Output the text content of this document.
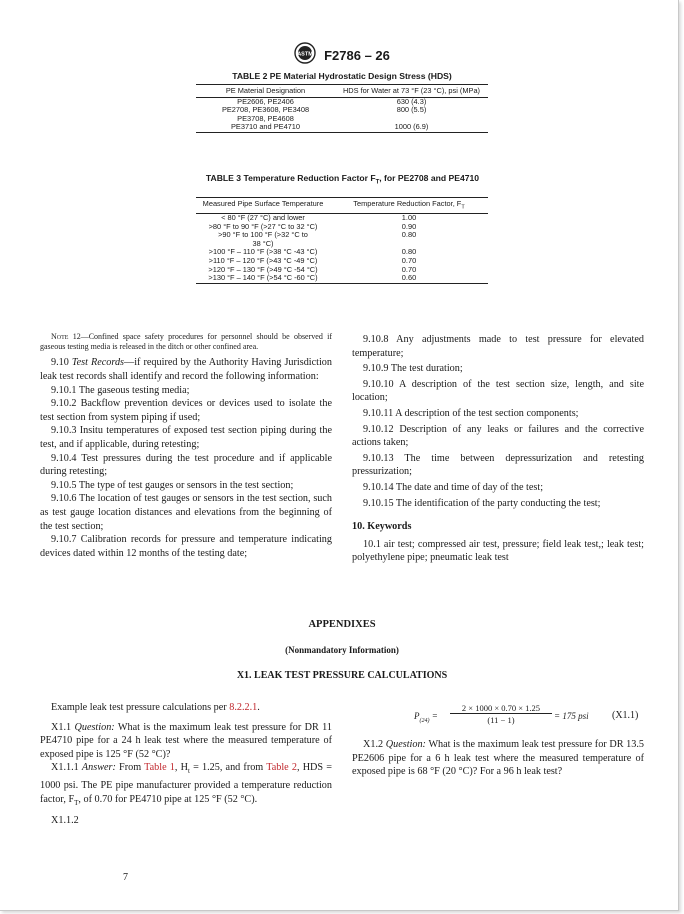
ASTM F2786 – 26
TABLE 2 PE Material Hydrostatic Design Stress (HDS)
PE Material Designation	HDS for Water at 73 °F (23 °C), psi (MPa)
PE2606, PE2406	630 (4.3)
PE2708, PE3608, PE3408	800 (5.5)
PE3708, PE4608	
PE3710 and PE4710	1000 (6.9)
TABLE 3 Temperature Reduction Factor $F_T$, for PE2708 and PE4710
Measured Pipe Surface Temperature	Temperature Reduction Factor, $F_T$
< 80 °F (27 °C) and lower	1.00
>80 °F to 90 °F (>27 °C to 32 °C)	0.90
>90 °F to 100 °F (>32 °C to 38 °C)	0.80
>100 °F – 110 °F (>38 °C -43 °C)	0.80
>110 °F – 120 °F (>43 °C -49 °C)	0.70
>120 °F – 130 °F (>49 °C -54 °C)	0.70
>130 °F – 140 °F (>54 °C -60 °C)	0.60

Note 12—Confined space safety procedures for personnel should be observed if gaseous testing media is released in the ditch or other confined area.

9.10 Test Records—if required by the Authority Having Jurisdiction leak test records shall identify and record the following information:

9.10.1 The gaseous testing media;

9.10.2 Backflow prevention devices or devices used to isolate the test section from system piping if used;

9.10.3 Insitu temperatures of exposed test section piping during the test, and if applicable, during retesting;

9.10.4 Test pressures during the test procedure and if applicable during retesting;

9.10.5 The type of test gauges or sensors in the test section;

9.10.6 The location of test gauges or sensors in the test section, such as test gauge location distances and elevations from the beginning of the test section;

9.10.7 Calibration records for pressure and temperature indicating devices dated within 12 months of the testing date;

9.10.8 Any adjustments made to test pressure for elevated temperature;

9.10.9 The test duration;

9.10.10 A description of the test section size, length, and site location;

9.10.11 A description of the test section components;

9.10.12 Description of any leaks or failures and the corrective actions taken;

9.10.13 The time between depressurization and retesting pressurization;

9.10.14 The date and time of day of the test;

9.10.15 The identification of the party conducting the test;

10. Keywords

10.1 air test; compressed air test, pressure; field leak test,; leak test; polyethylene pipe; pneumatic leak test

APPENDIXES
(Nonmandatory Information)
X1. LEAK TEST PRESSURE CALCULATIONS

Example leak test pressure calculations per 8.2.2.1.

X1.1 Question: What is the maximum leak test pressure for DR 11 PE4710 pipe for a 24 h leak test where the measured temperature of exposed pipe is 125 °F (52 °C)?

X1.1.1 Answer: From Table 1, $H_t = 1.25$, and from Table 2, HDS = 1000 psi. The PE pipe manufacturer provided a temperature reduction factor, $F_T$, of 0.70 for PE4710 pipe at 125 °F (52 °C).

X1.1.2

$P_{(24)}$ =
2 × 1000 × 0.70 × 1.25
(11 − 1)	= 175 psi (X1.1)

X1.2 Question: What is the maximum leak test pressure for DR 13.5 PE2606 pipe for a 6 h leak test where the measured temperature of exposed pipe is 68 °F (20 °C)? For a 96 h leak test?

7
